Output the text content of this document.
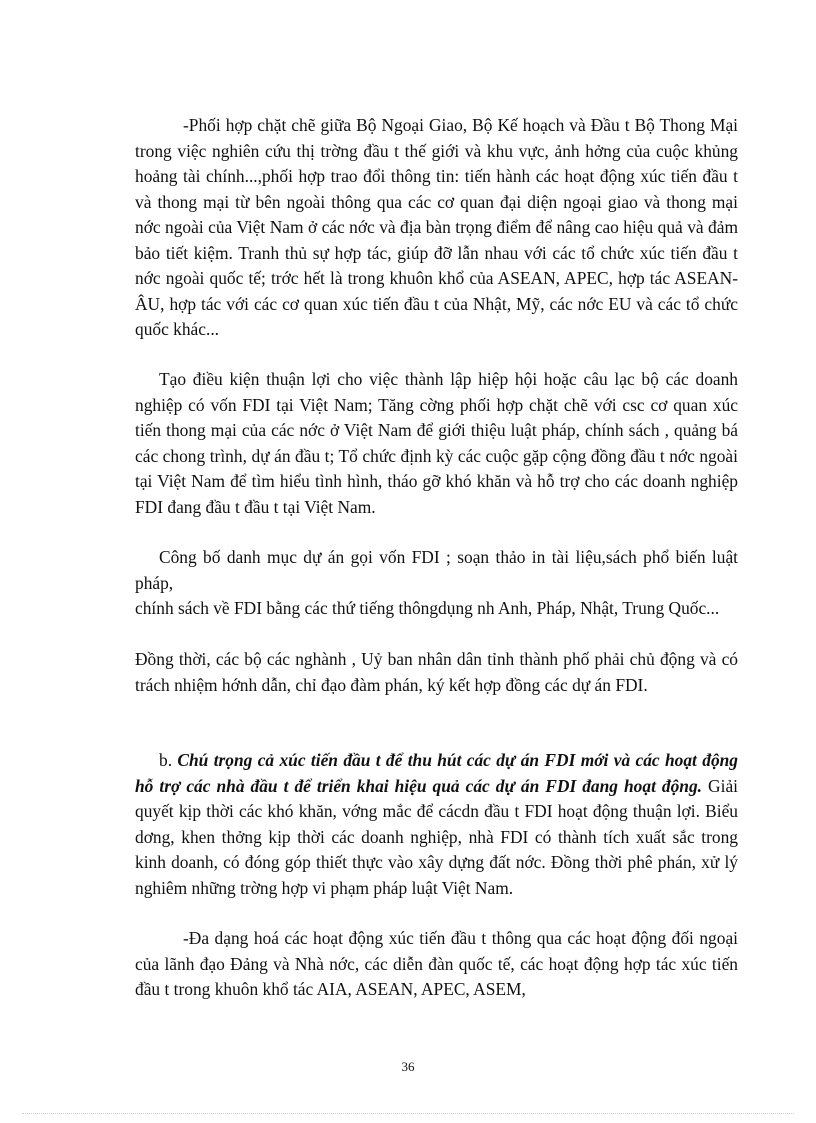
-Phối hợp chặt chẽ giữa Bộ Ngoại Giao, Bộ Kế hoạch và Đầu t Bộ Thong Mại trong việc nghiên cứu thị trờng đầu t thế giới và khu vực, ảnh hởng của cuộc khủng hoảng tài chính...,phối hợp trao đổi thông tin: tiến hành các hoạt động xúc tiến đầu t và thong mại từ bên ngoài thông qua các cơ quan đại diện ngoại giao và thong mại nớc ngoài của Việt Nam ở các nớc và địa bàn trọng điểm để nâng cao hiệu quả và đảm bảo tiết kiệm. Tranh thủ sự hợp tác, giúp đỡ lẫn nhau với các tổ chức xúc tiến đầu t nớc ngoài quốc tế; trớc hết là trong khuôn khổ của ASEAN, APEC, hợp tác ASEAN-ÂU, hợp tác với các cơ quan xúc tiến đầu t của Nhật, Mỹ, các nớc EU và các tổ chức quốc khác...

Tạo điều kiện thuận lợi cho việc thành lập hiệp hội hoặc câu lạc bộ các doanh nghiệp có vốn FDI tại Việt Nam; Tăng cờng phối hợp chặt chẽ với csc cơ quan xúc tiến thong mại của các nớc ở Việt Nam để giới thiệu luật pháp, chính sách , quảng bá các chong trình, dự án đầu t; Tổ chức định kỳ các cuộc gặp cộng đồng đầu t nớc ngoài tại Việt Nam để tìm hiểu tình hình, tháo gỡ khó khăn và hỗ trợ cho các doanh nghiệp FDI đang đầu t đầu t tại Việt Nam.

Công bố danh mục dự án gọi vốn FDI ; soạn thảo in tài liệu,sách phổ biến luật pháp,

chính sách về FDI bằng các thứ tiếng thôngdụng nh Anh, Pháp, Nhật, Trung Quốc...

Đồng thời, các bộ các nghành , Uỷ ban nhân dân tỉnh thành phố phải chủ động và có trách nhiệm hớnh dẫn, chỉ đạo đàm phán, ký kết hợp đồng các dự án FDI.

b. Chú trọng cả xúc tiến đầu t để thu hút các dự án FDI mới và các hoạt động hỗ trợ các nhà đầu t để triển khai hiệu quả các dự án FDI đang hoạt động. Giải quyết kịp thời các khó khăn, vớng mắc để cácdn đầu t FDI hoạt động thuận lợi. Biểu dơng, khen thởng kịp thời các doanh nghiệp, nhà FDI có thành tích xuất sắc trong kinh doanh, có đóng góp thiết thực vào xây dựng đất nớc. Đồng thời phê phán, xử lý nghiêm những trờng hợp vi phạm pháp luật Việt Nam.

-Đa dạng hoá các hoạt động xúc tiến đầu t thông qua các hoạt động đối ngoại của lãnh đạo Đảng và Nhà nớc, các diễn đàn quốc tế, các hoạt động hợp tác xúc tiến đầu t trong khuôn khổ tác AIA, ASEAN, APEC, ASEM,

36
